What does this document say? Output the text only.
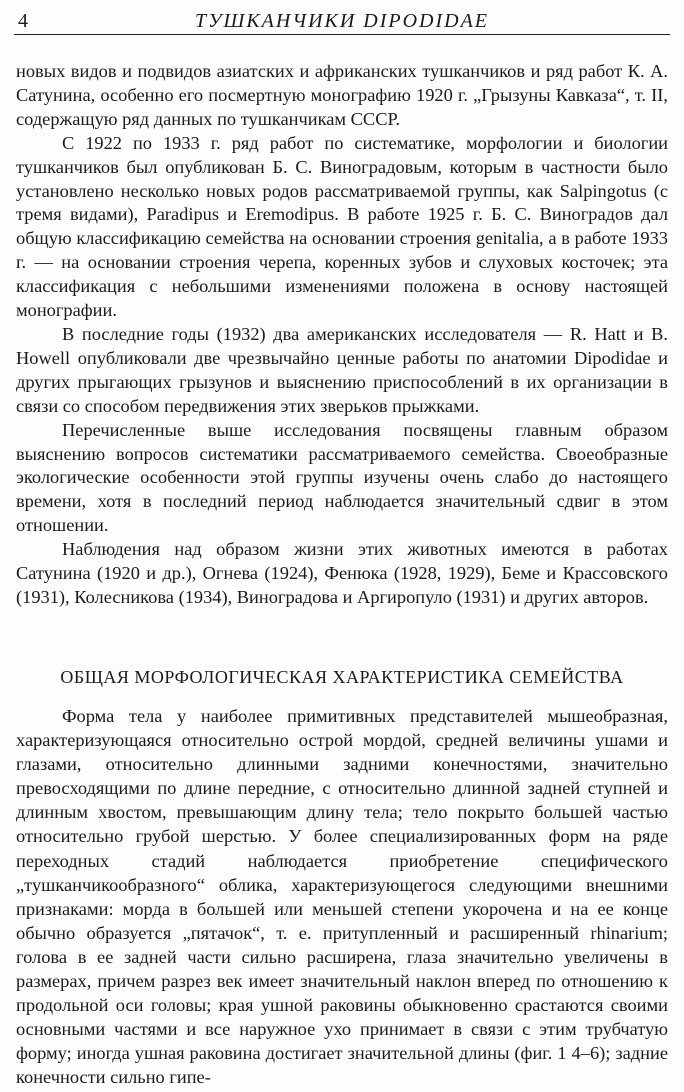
4	ТУШКАНЧИКИ DIPODIDAE

новых видов и подвидов азиатских и африканских тушканчиков и ряд работ К. А. Сатунина, особенно его посмертную монографию 1920 г. „Грызуны Кавказа“, т. II, содержащую ряд данных по тушканчикам СССР.

С 1922 по 1933 г. ряд работ по систематике, морфологии и биологии тушканчиков был опубликован Б. С. Виноградовым, которым в частности было установлено несколько новых родов рассматриваемой группы, как Salpingotus (с тремя видами), Paradipus и Eremodipus. В работе 1925 г. Б. С. Виноградов дал общую классификацию семейства на основании строения genitalia, а в работе 1933 г. — на основании строения черепа, коренных зубов и слуховых косточек; эта классификация с небольшими изменениями положена в основу настоящей монографии.

В последние годы (1932) два американских исследователя — R. Hatt и B. Howell опубликовали две чрезвычайно ценные работы по анатомии Dipodidae и других прыгающих грызунов и выяснению приспособлений в их организации в связи со способом передвижения этих зверьков прыжками.

Перечисленные выше исследования посвящены главным образом выяснению вопросов систематики рассматриваемого семейства. Своеобразные экологические особенности этой группы изучены очень слабо до настоящего времени, хотя в последний период наблюдается значительный сдвиг в этом отношении.

Наблюдения над образом жизни этих животных имеются в работах Сатунина (1920 и др.), Огнева (1924), Фенюка (1928, 1929), Беме и Крассовского (1931), Колесникова (1934), Виноградова и Аргиропуло (1931) и других авторов.

ОБЩАЯ МОРФОЛОГИЧЕСКАЯ ХАРАКТЕРИСТИКА СЕМЕЙСТВА

Форма тела у наиболее примитивных представителей мышеобразная, характеризующаяся относительно острой мордой, средней величины ушами и глазами, относительно длинными задними конечностями, значительно превосходящими по длине передние, с относительно длинной задней ступней и длинным хвостом, превышающим длину тела; тело покрыто большей частью относительно грубой шерстью. У более специализированных форм на ряде переходных стадий наблюдается приобретение специфического „тушканчикообразного“ облика, характеризующегося следующими внешними признаками: морда в большей или меньшей степени укорочена и на ее конце обычно образуется „пятачок“, т. е. притупленный и расширенный rhinarium; голова в ее задней части сильно расширена, глаза значительно увеличены в размерах, причем разрез век имеет значительный наклон вперед по отношению к продольной оси головы; края ушной раковины обыкновенно срастаются своими основными частями и все наружное ухо принимает в связи с этим трубчатую форму; иногда ушная раковина достигает значительной длины (фиг. 1 4–6); задние конечности сильно гипе-
